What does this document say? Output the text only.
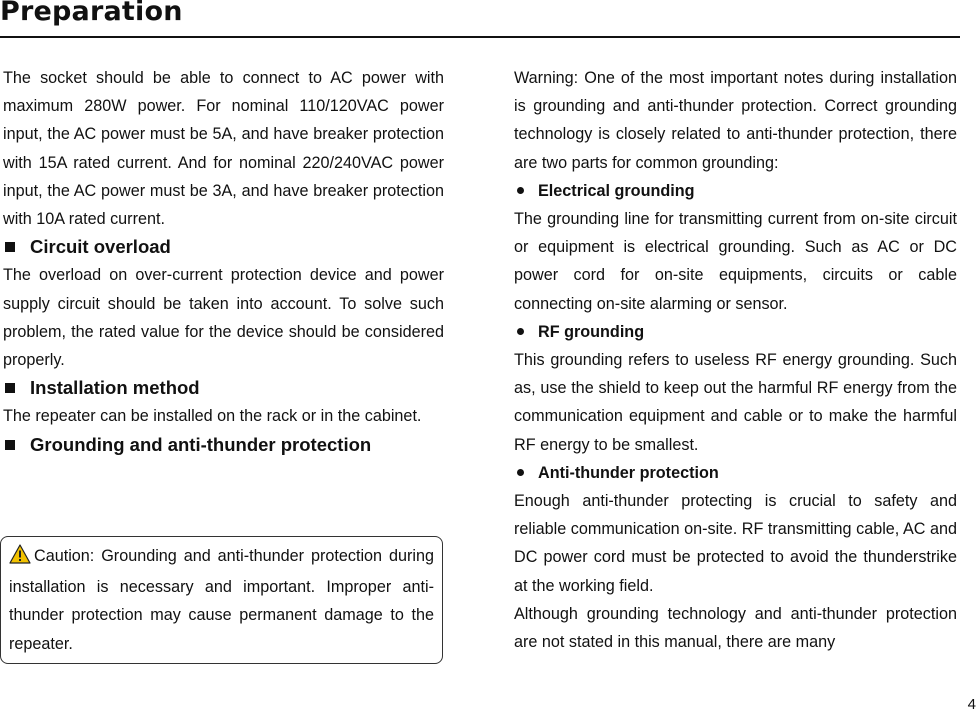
Preparation

The socket should be able to connect to AC power with maximum 280W power. For nominal 110/120VAC power input, the AC power must be 5A, and have breaker protection with 15A rated current. And for nominal 220/240VAC power input, the AC power must be 3A, and have breaker protection with 10A rated current.

Circuit overload

The overload on over-current protection device and power supply circuit should be taken into account. To solve such problem, the rated value for the device should be considered properly.

Installation method

The repeater can be installed on the rack or in the cabinet.

Grounding and anti-thunder protection

Caution: Grounding and anti-thunder protection during installation is necessary and important. Improper anti-thunder protection may cause permanent damage to the repeater.

Warning: One of the most important notes during installation is grounding and anti-thunder protection. Correct grounding technology is closely related to anti-thunder protection, there are two parts for common grounding:

Electrical grounding

The grounding line for transmitting current from on-site circuit or equipment is electrical grounding. Such as AC or DC power cord for on-site equipments, circuits or cable connecting on-site alarming or sensor.

RF grounding

This grounding refers to useless RF energy grounding. Such as, use the shield to keep out the harmful RF energy from the communication equipment and cable or to make the harmful RF energy to be smallest.

Anti-thunder protection

Enough anti-thunder protecting is crucial to safety and reliable communication on-site. RF transmitting cable, AC and DC power cord must be protected to avoid the thunderstrike at the working field.

Although grounding technology and anti-thunder protection are not stated in this manual, there are many

4
